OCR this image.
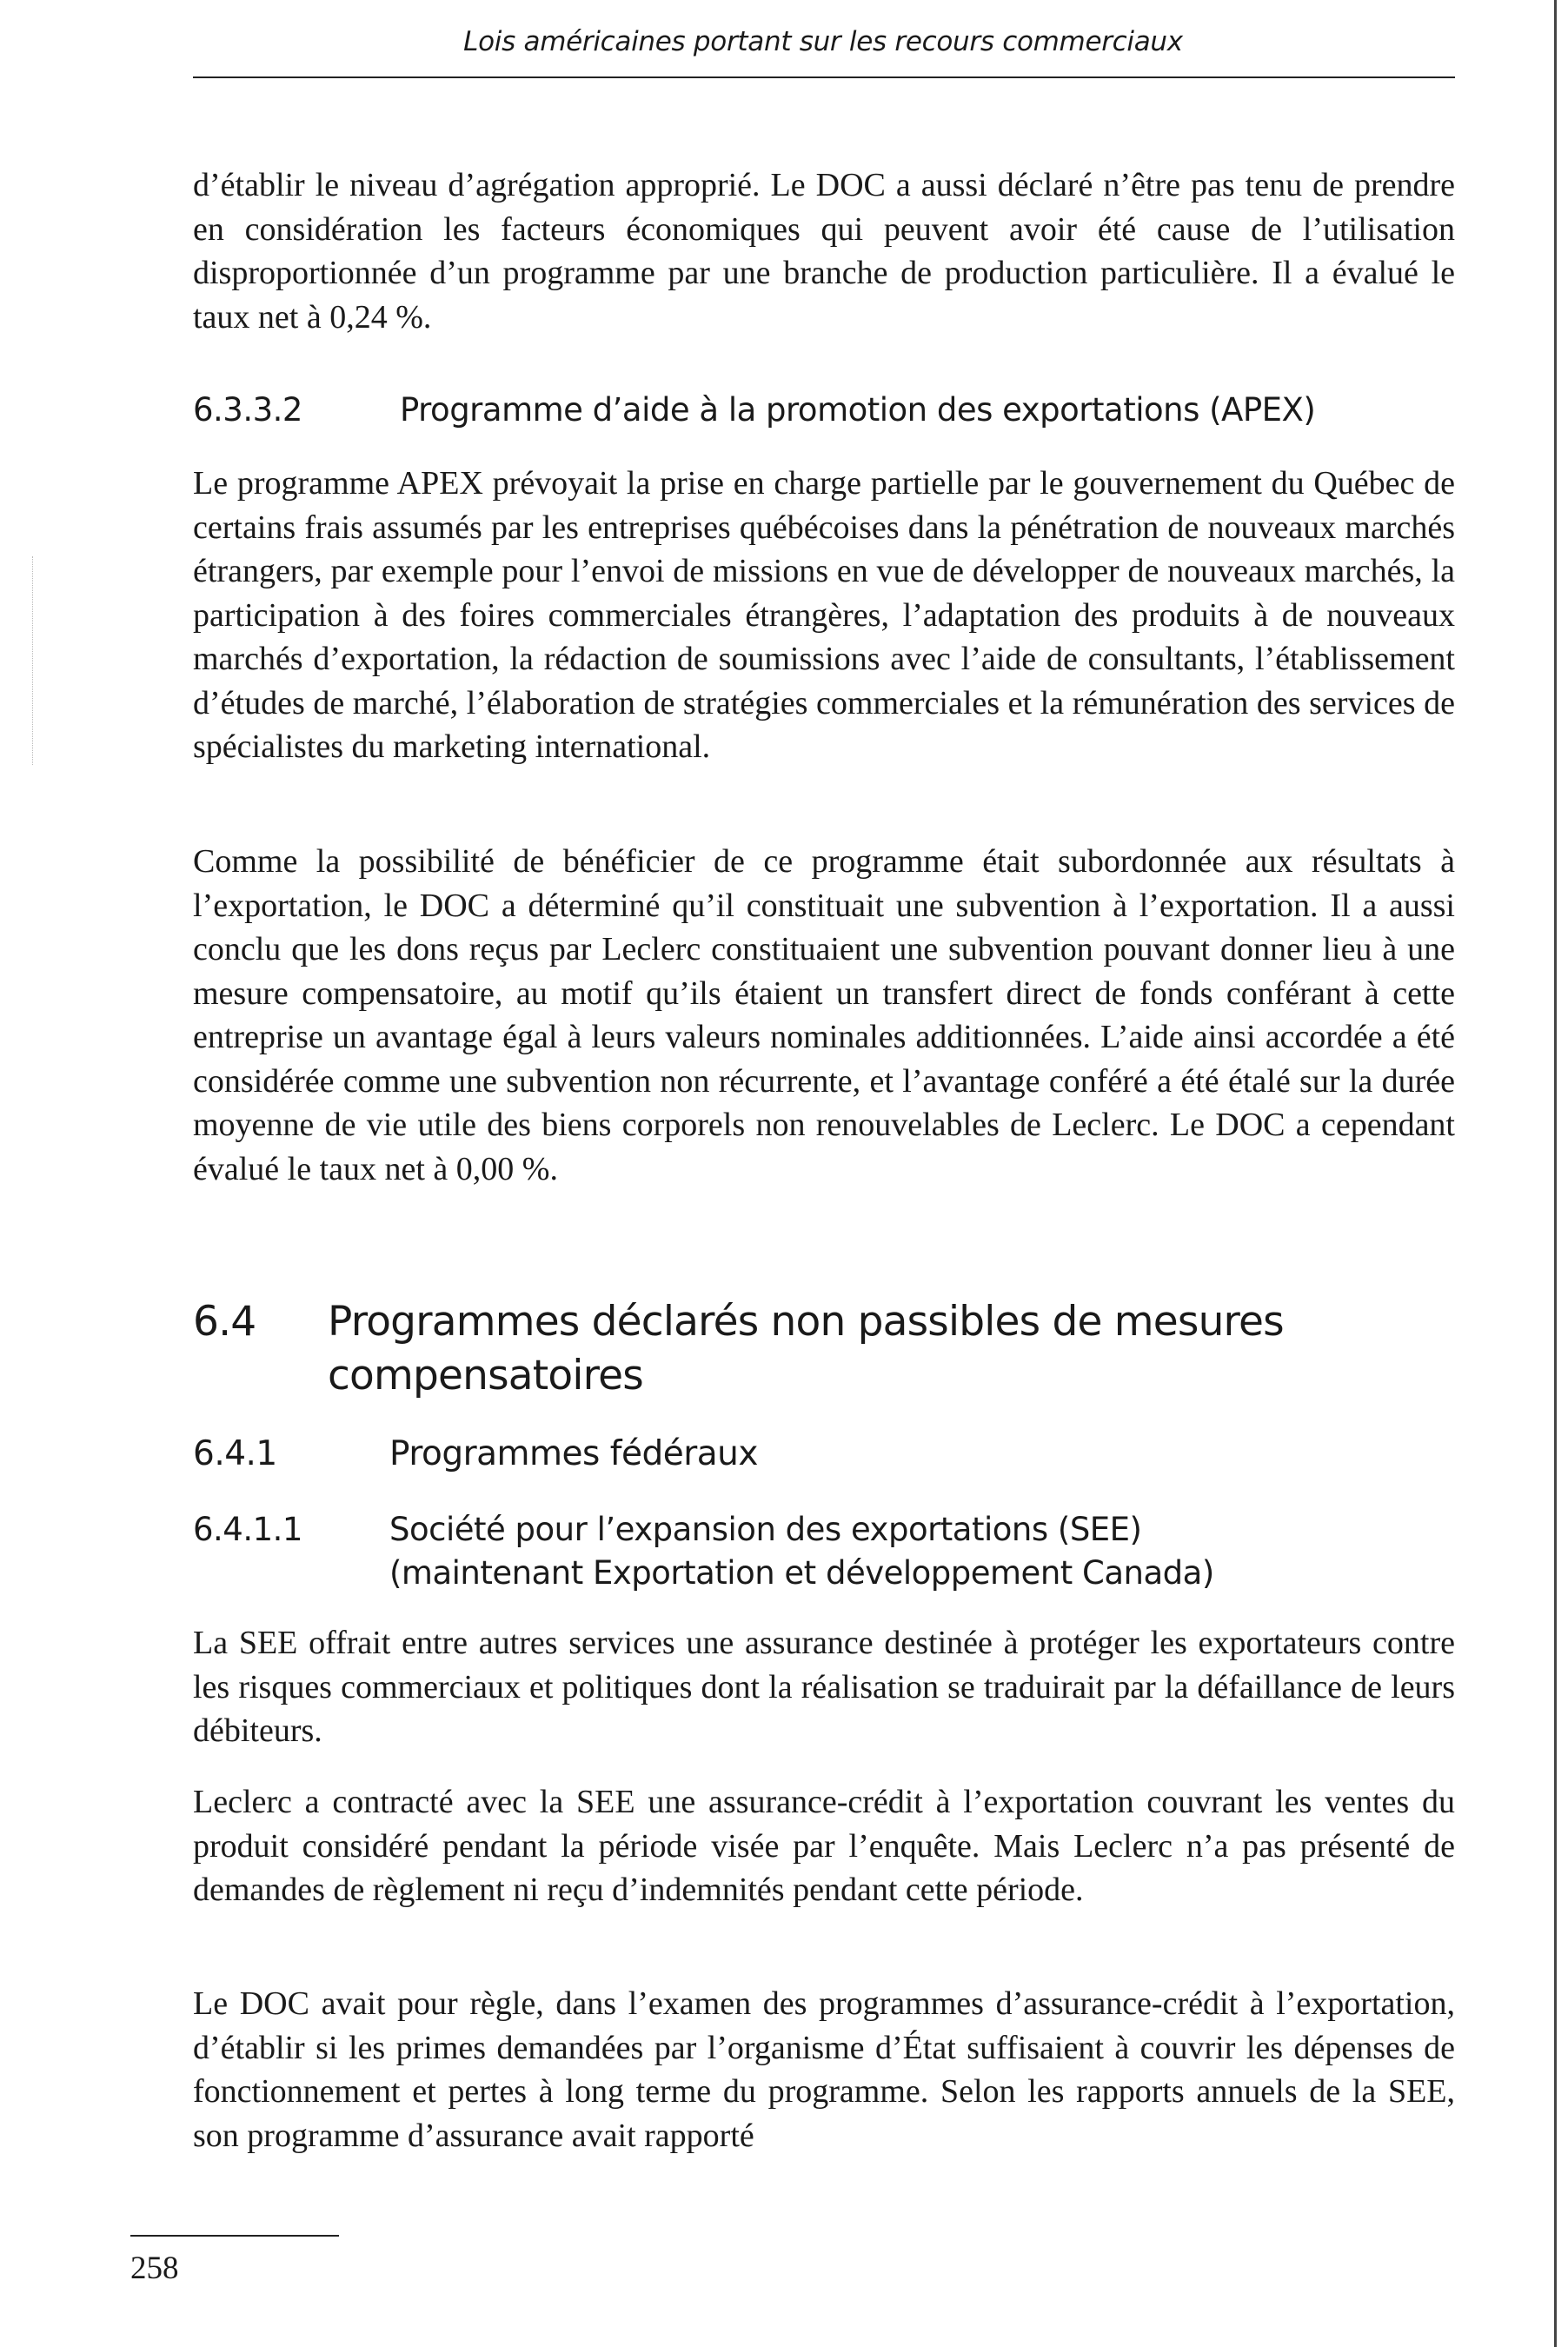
Lois américaines portant sur les recours commerciaux

d’établir le niveau d’agrégation approprié. Le DOC a aussi déclaré n’être pas tenu de prendre en considération les facteurs économiques qui peuvent avoir été cause de l’utilisation disproportionnée d’un programme par une branche de production particulière. Il a évalué le taux net à 0,24 %.

6.3.3.2	Programme d’aide à la promotion des exportations (APEX)

Le programme APEX prévoyait la prise en charge partielle par le gouvernement du Québec de certains frais assumés par les entreprises québécoises dans la pénétration de nouveaux marchés étrangers, par exemple pour l’envoi de missions en vue de développer de nouveaux marchés, la participation à des foires commerciales étrangères, l’adaptation des produits à de nouveaux marchés d’exportation, la rédaction de soumissions avec l’aide de consultants, l’établissement d’études de marché, l’élaboration de stratégies commerciales et la rémunération des services de spécialistes du marketing international.

Comme la possibilité de bénéficier de ce programme était subordonnée aux résultats à l’exportation, le DOC a déterminé qu’il constituait une subvention à l’exportation. Il a aussi conclu que les dons reçus par Leclerc constituaient une subvention pouvant donner lieu à une mesure compensatoire, au motif qu’ils étaient un transfert direct de fonds conférant à cette entreprise un avantage égal à leurs valeurs nominales additionnées. L’aide ainsi accordée a été considérée comme une subvention non récurrente, et l’avantage conféré a été étalé sur la durée moyenne de vie utile des biens corporels non renouvelables de Leclerc. Le DOC a cependant évalué le taux net à 0,00 %.

6.4 Programmes déclarés non passibles de mesures
compensatoires
6.4.1	Programmes fédéraux
6.4.1.1	Société pour l’expansion des exportations (SEE)
(maintenant Exportation et développement Canada)

La SEE offrait entre autres services une assurance destinée à protéger les exportateurs contre les risques commerciaux et politiques dont la réalisation se traduirait par la défaillance de leurs débiteurs.

Leclerc a contracté avec la SEE une assurance-crédit à l’exportation couvrant les ventes du produit considéré pendant la période visée par l’enquête. Mais Leclerc n’a pas présenté de demandes de règlement ni reçu d’indemnités pendant cette période.

Le DOC avait pour règle, dans l’examen des programmes d’assurance-crédit à l’exportation, d’établir si les primes demandées par l’organisme d’État suffisaient à couvrir les dépenses de fonctionnement et pertes à long terme du programme. Selon les rapports annuels de la SEE, son programme d’assurance avait rapporté

258
